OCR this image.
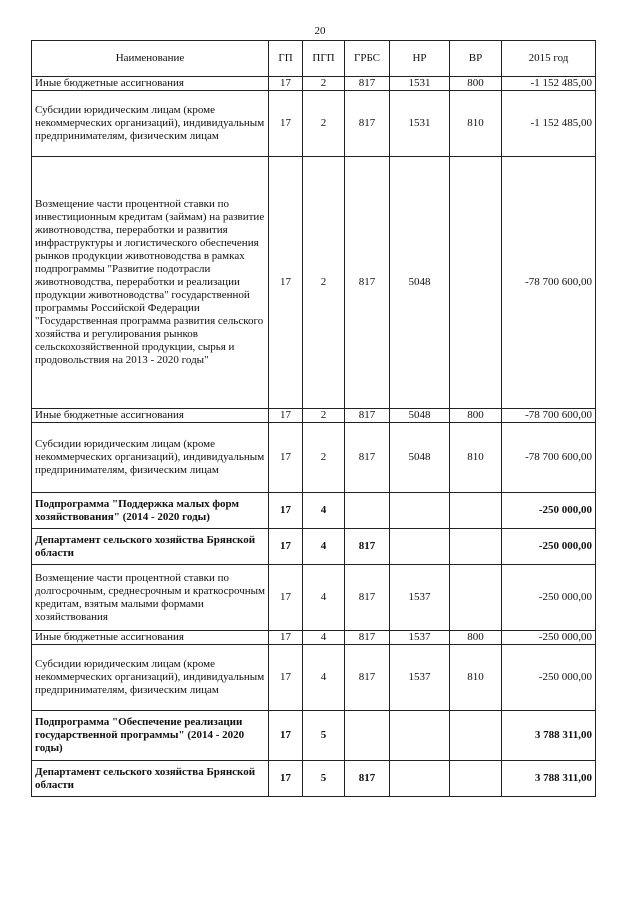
20
Наименование	ГП	ПГП	ГРБС	НР	ВР	2015 год
Иные бюджетные ассигнования	17	2	817	1531	800	-1 152 485,00
Субсидии юридическим лицам (кроме некоммерческих организаций), индивидуальным предпринимателям, физическим лицам	17	2	817	1531	810	-1 152 485,00
Возмещение части процентной ставки по инвестиционным кредитам (займам) на развитие животноводства, переработки и развития инфраструктуры и логистического обеспечения рынков продукции животноводства в рамках подпрограммы "Развитие подотрасли животноводства, переработки и реализации продукции животноводства" государственной программы Российской Федерации "Государственная программа развития сельского хозяйства и регулирования рынков сельскохозяйственной продукции, сырья и продовольствия на 2013 - 2020 годы"	17	2	817	5048		-78 700 600,00
Иные бюджетные ассигнования	17	2	817	5048	800	-78 700 600,00
Субсидии юридическим лицам (кроме некоммерческих организаций), индивидуальным предпринимателям, физическим лицам	17	2	817	5048	810	-78 700 600,00
Подпрограмма "Поддержка малых форм хозяйствования" (2014 - 2020 годы)	17	4				-250 000,00
Департамент сельского хозяйства Брянской области	17	4	817			-250 000,00
Возмещение части процентной ставки по долгосрочным, среднесрочным и краткосрочным кредитам, взятым малыми формами хозяйствования	17	4	817	1537		-250 000,00
Иные бюджетные ассигнования	17	4	817	1537	800	-250 000,00
Субсидии юридическим лицам (кроме некоммерческих организаций), индивидуальным предпринимателям, физическим лицам	17	4	817	1537	810	-250 000,00
Подпрограмма "Обеспечение реализации государственной программы" (2014 - 2020 годы)	17	5				3 788 311,00
Департамент сельского хозяйства Брянской области	17	5	817			3 788 311,00
